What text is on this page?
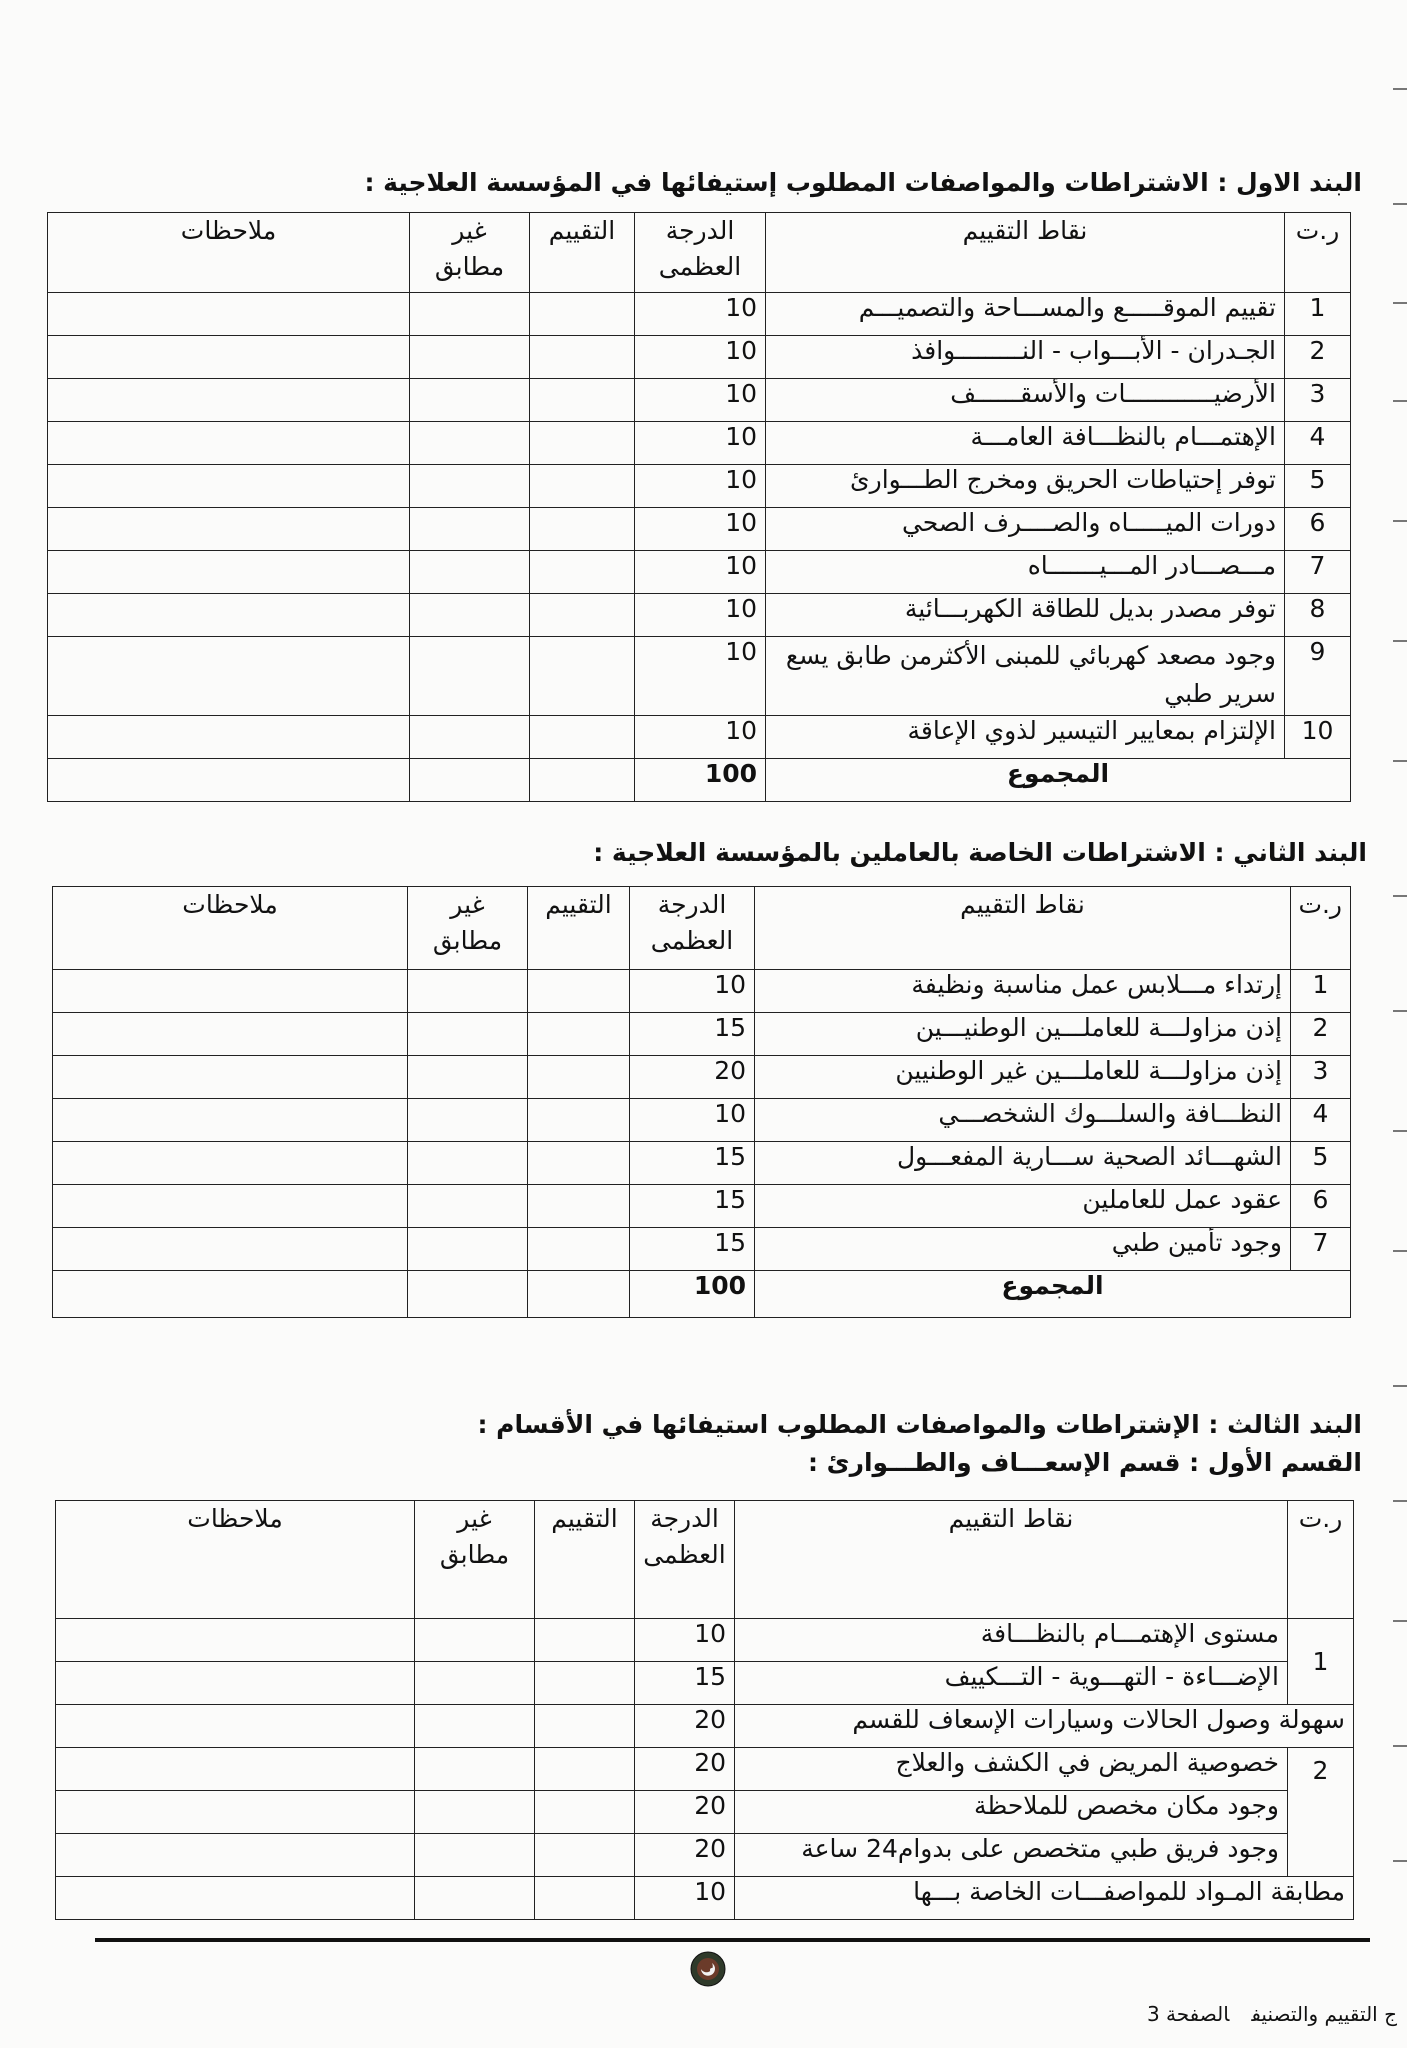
البند الاول : الاشتراطات والمواصفات المطلوب إستيفائها في المؤسسة العلاجية :
ر.ت	نقاط التقييم	الدرجة العظمى	التقييم	غير مطابق	ملاحظات
1	تقييم الموقـــــع والمســـاحة والتصميـــم	10			
2	الجـدران - الأبـــواب - النـــــــــوافذ	10			
3	الأرضيــــــــــــات والأسقــــــف	10			
4	الإهتمـــام بالنظـــافة العامـــة	10			
5	توفر إحتياطات الحريق ومخرج الطـــوارئ	10			
6	دورات الميـــــاه والصــــرف الصحي	10			
7	مـــصـــادر المـــيـــــــاه	10			
8	توفر مصدر بديل للطاقة الكهربـــائية	10			
9	وجود مصعد كهربائي للمبنى الأكثرمن طابق يسع سرير طبي	10			
10	الإلتزام بمعايير التيسير لذوي الإعاقة	10			
المجموع		100			
البند الثاني : الاشتراطات الخاصة بالعاملين بالمؤسسة العلاجية :
ر.ت	نقاط التقييم	الدرجة العظمى	التقييم	غير مطابق	ملاحظات
1	إرتداء مـــلابس عمل مناسبة ونظيفة	10			
2	إذن مزاولـــة للعاملـــين الوطنيـــين	15			
3	إذن مزاولـــة للعاملـــين غير الوطنيين	20			
4	النظـــافة والسلـــوك الشخصـــي	10			
5	الشهـــائد الصحية ســـارية المفعـــول	15			
6	عقود عمل للعاملين	15			
7	وجود تأمين طبي	15			
المجموع		100			
البند الثالث : الإشتراطات والمواصفات المطلوب استيفائها في الأقسام :
القسم الأول : قسم الإسعـــاف والطـــوارئ :
ر.ت	نقاط التقييم	الدرجة العظمى	التقييم	غير مطابق	ملاحظات
1	مستوى الإهتمـــام بالنظـــافة	10			
	الإضـــاءة - التهـــوية - التـــكييف	15			
سهولة وصول الحالات وسيارات الإسعاف للقسم		20			
2	خصوصية المريض في الكشف والعلاج	20			
	وجود مكان مخصص للملاحظة	20			
	وجود فريق طبي متخصص على بدوام24 ساعة	20			
مطابقة المـواد للمواصفـــات الخاصة بـــها		10			
ج التقييم والتصنيفالصفحة 3
